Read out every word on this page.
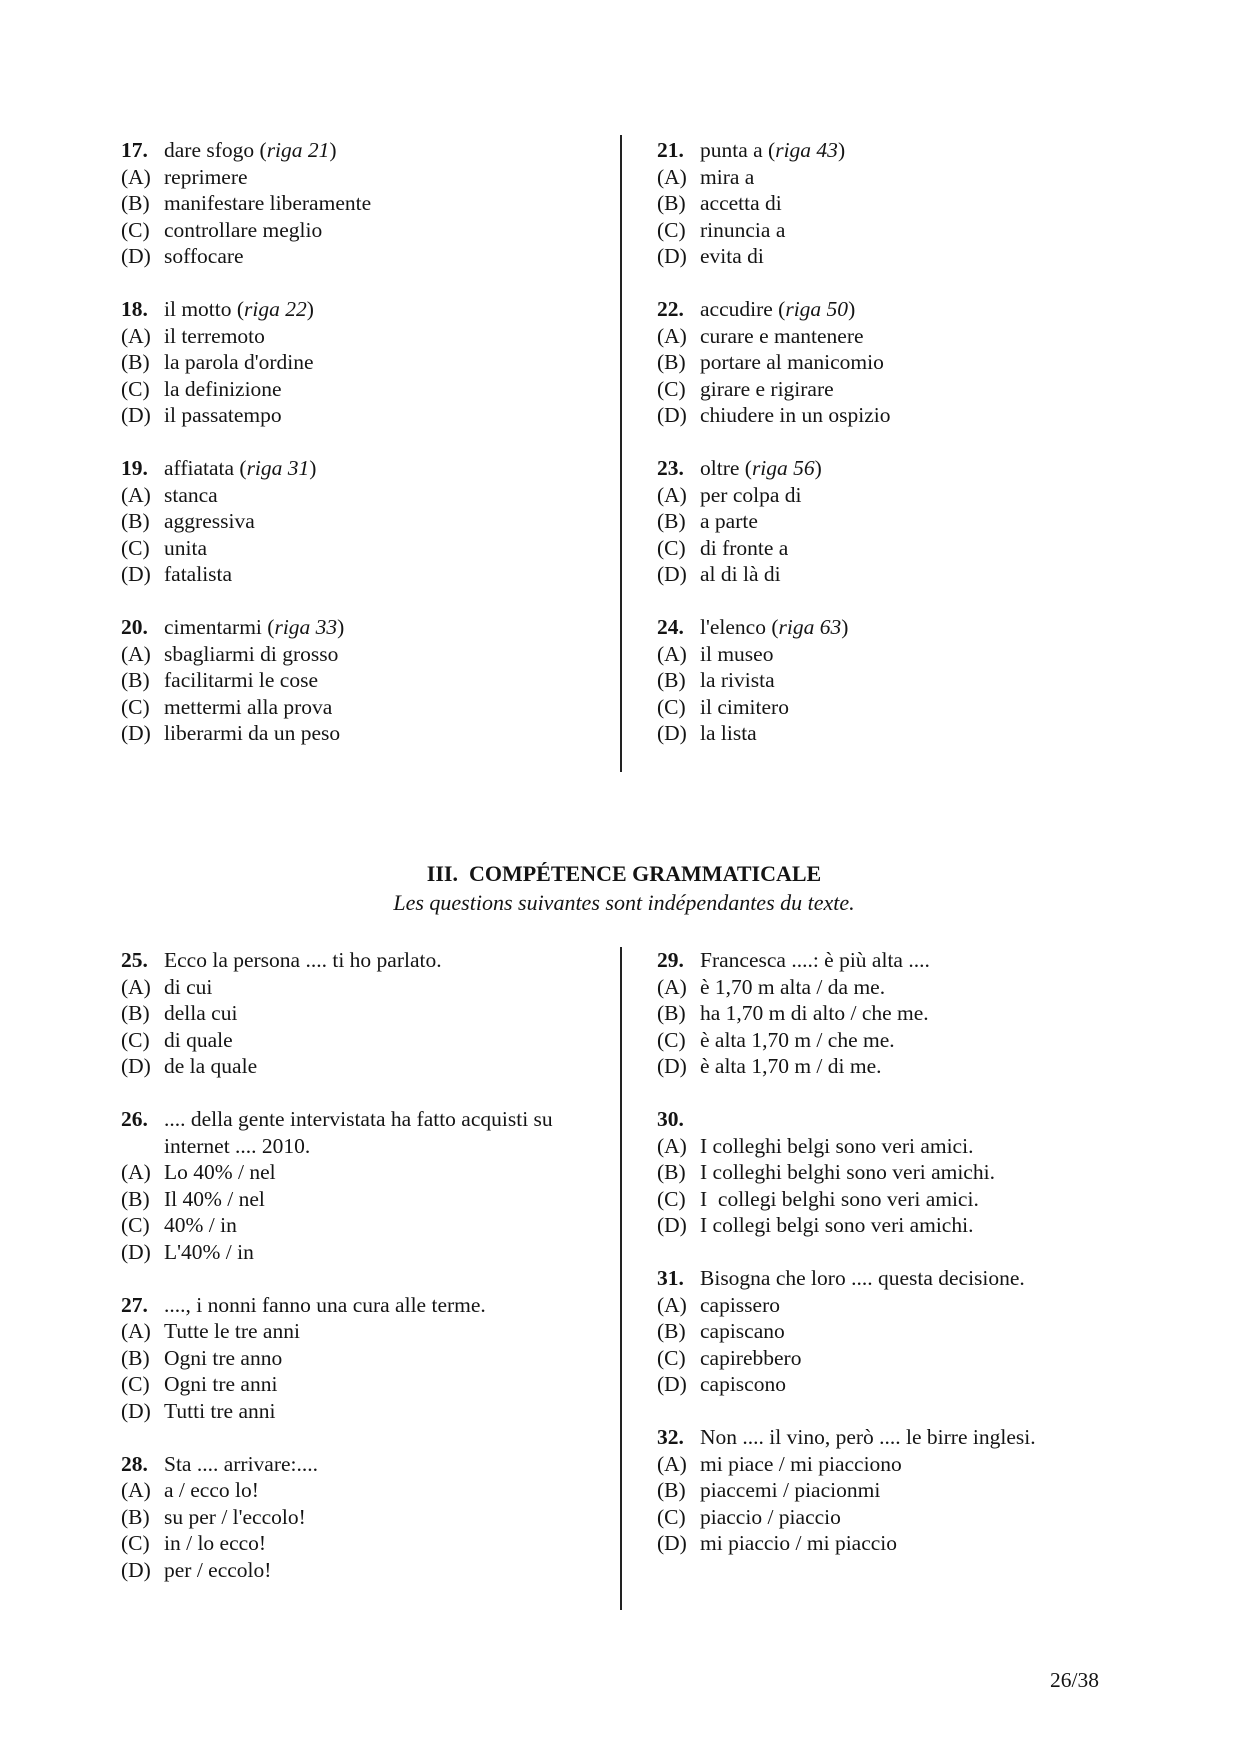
17. dare sfogo (riga 21)
(A) reprimere
(B) manifestare liberamente
(C) controllare meglio
(D) soffocare
18. il motto (riga 22)
(A) il terremoto
(B) la parola d'ordine
(C) la definizione
(D) il passatempo
19. affiatata (riga 31)
(A) stanca
(B) aggressiva
(C) unita
(D) fatalista
20. cimentarmi (riga 33)
(A) sbagliarmi di grosso
(B) facilitarmi le cose
(C) mettermi alla prova
(D) liberarmi da un peso
21. punta a (riga 43)
(A) mira a
(B) accetta di
(C) rinuncia a
(D) evita di
22. accudire (riga 50)
(A) curare e mantenere
(B) portare al manicomio
(C) girare e rigirare
(D) chiudere in un ospizio
23. oltre (riga 56)
(A) per colpa di
(B) a parte
(C) di fronte a
(D) al di là di
24. l'elenco (riga 63)
(A) il museo
(B) la rivista
(C) il cimitero
(D) la lista
III.  COMPÉTENCE GRAMMATICALE
Les questions suivantes sont indépendantes du texte.
25. Ecco la persona .... ti ho parlato.
(A) di cui
(B) della cui
(C) di quale
(D) de la quale
26. .... della gente intervistata ha fatto acquisti su
internet .... 2010.
(A) Lo 40% / nel
(B) Il 40% / nel
(C) 40% / in
(D) L'40% / in
27. ...., i nonni fanno una cura alle terme.
(A) Tutte le tre anni
(B) Ogni tre anno
(C) Ogni tre anni
(D) Tutti tre anni
28. Sta .... arrivare:....
(A) a / ecco lo!
(B) su per / l'eccolo!
(C) in / lo ecco!
(D) per / eccolo!
29. Francesca ....: è più alta ....
(A) è 1,70 m alta / da me.
(B) ha 1,70 m di alto / che me.
(C) è alta 1,70 m / che me.
(D) è alta 1,70 m / di me.
30.
(A) I colleghi belgi sono veri amici.
(B) I colleghi belghi sono veri amichi.
(C) I  collegi belghi sono veri amici.
(D) I collegi belgi sono veri amichi.
31. Bisogna che loro .... questa decisione.
(A) capissero
(B) capiscano
(C) capirebbero
(D) capiscono
32. Non .... il vino, però .... le birre inglesi.
(A) mi piace / mi piacciono
(B) piaccemi / piacionmi
(C) piaccio / piaccio
(D) mi piaccio / mi piaccio
26/38
